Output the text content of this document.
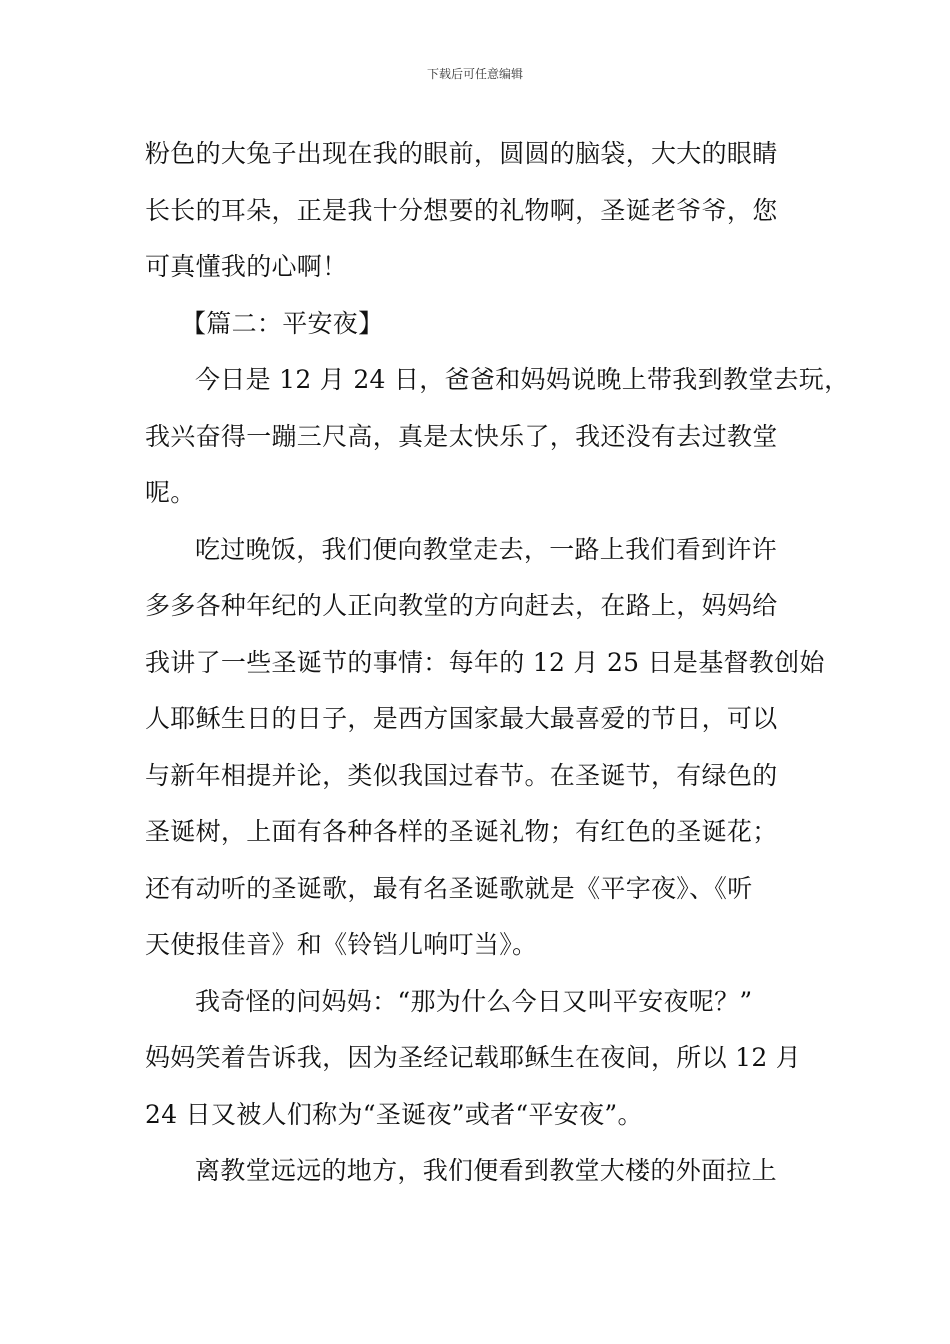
下载后可任意编辑
粉色的大兔子出现在我的眼前，圆圆的脑袋，大大的眼睛
长长的耳朵，正是我十分想要的礼物啊，圣诞老爷爷，您
可真懂我的心啊！
【篇二：平安夜】
今日是 12 月 24 日，爸爸和妈妈说晚上带我到教堂去玩，
我兴奋得一蹦三尺高，真是太快乐了，我还没有去过教堂
呢。
吃过晚饭，我们便向教堂走去，一路上我们看到许许
多多各种年纪的人正向教堂的方向赶去，在路上，妈妈给
我讲了一些圣诞节的事情：每年的 12 月 25 日是基督教创始
人耶稣生日的日子，是西方国家最大最喜爱的节日，可以
与新年相提并论，类似我国过春节。在圣诞节，有绿色的
圣诞树，上面有各种各样的圣诞礼物；有红色的圣诞花；
还有动听的圣诞歌，最有名圣诞歌就是《平字夜》、《听
天使报佳音》和《铃铛儿响叮当》。
我奇怪的问妈妈：“那为什么今日又叫平安夜呢？”
妈妈笑着告诉我，因为圣经记载耶稣生在夜间，所以 12 月
24 日又被人们称为“圣诞夜”或者“平安夜”。
离教堂远远的地方，我们便看到教堂大楼的外面拉上
